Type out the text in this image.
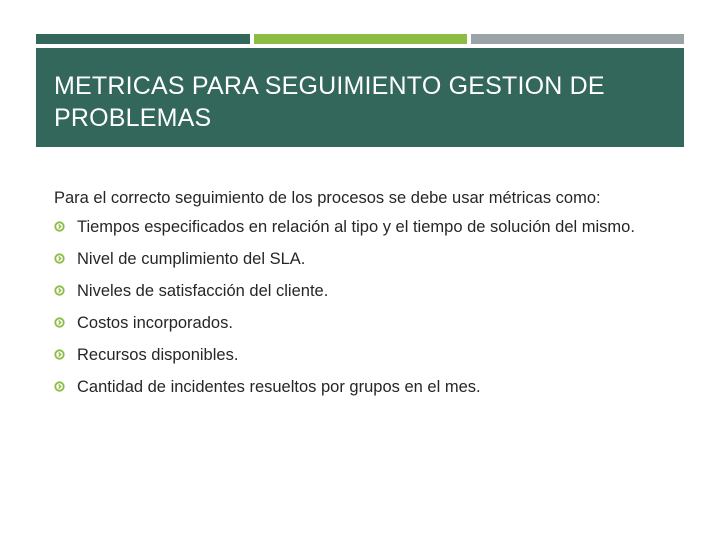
METRICAS PARA SEGUIMIENTO GESTION DE PROBLEMAS

Para el correcto seguimiento de los procesos se debe usar métricas como:

Tiempos especificados en relación al tipo y el tiempo de solución del mismo.
Nivel de cumplimiento del SLA.
Niveles de satisfacción del cliente.
Costos incorporados.
Recursos disponibles.
Cantidad de incidentes resueltos por grupos en el mes.
